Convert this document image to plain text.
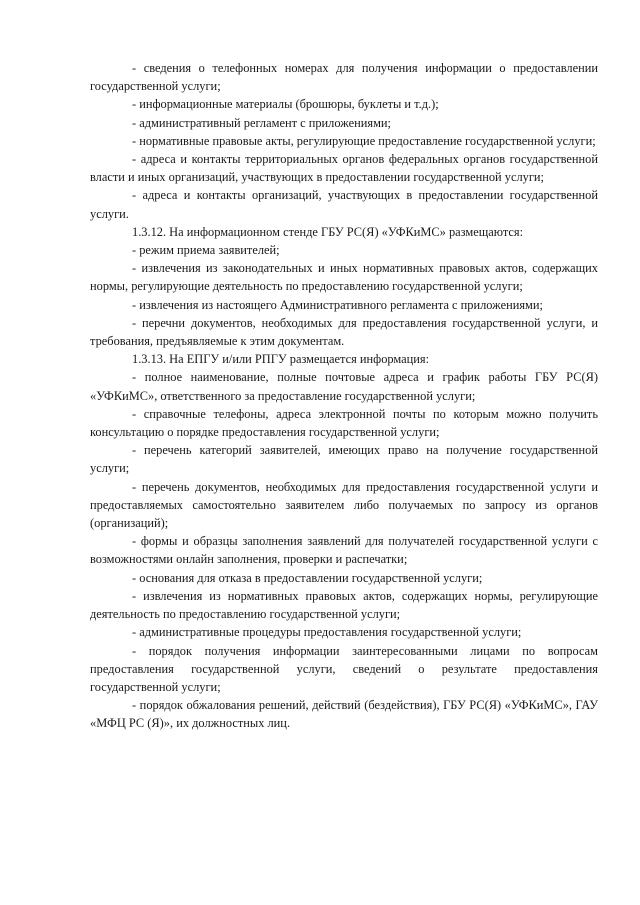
- сведения о телефонных номерах для получения информации о предоставлении государственной услуги;

- информационные материалы (брошюры, буклеты и т.д.);

- административный регламент с приложениями;

- нормативные правовые акты, регулирующие предоставление государственной услуги;

- адреса и контакты территориальных органов федеральных органов государственной власти и иных организаций, участвующих в предоставлении государственной услуги;

- адреса и контакты организаций, участвующих в предоставлении государственной услуги.

1.3.12. На информационном стенде ГБУ РС(Я) «УФКиМС» размещаются:

- режим приема заявителей;

- извлечения из законодательных и иных нормативных правовых актов, содержащих нормы, регулирующие деятельность по предоставлению государственной услуги;

- извлечения из настоящего Административного регламента с приложениями;

- перечни документов, необходимых для предоставления государственной услуги, и требования, предъявляемые к этим документам.

1.3.13. На ЕПГУ и/или РПГУ размещается информация:

- полное наименование, полные почтовые адреса и график работы ГБУ РС(Я) «УФКиМС», ответственного за предоставление государственной услуги;

- справочные телефоны, адреса электронной почты по которым можно получить консультацию о порядке предоставления государственной услуги;

- перечень категорий заявителей, имеющих право на получение государственной услуги;

- перечень документов, необходимых для предоставления государственной услуги и предоставляемых самостоятельно заявителем либо получаемых по запросу из органов (организаций);

- формы и образцы заполнения заявлений для получателей государственной услуги с возможностями онлайн заполнения, проверки и распечатки;

- основания для отказа в предоставлении государственной услуги;

- извлечения из нормативных правовых актов, содержащих нормы, регулирующие деятельность по предоставлению государственной услуги;

- административные процедуры предоставления государственной услуги;

- порядок получения информации заинтересованными лицами по вопросам предоставления государственной услуги, сведений о результате предоставления государственной услуги;

- порядок обжалования решений, действий (бездействия), ГБУ РС(Я) «УФКиМС», ГАУ «МФЦ РС (Я)», их должностных лиц.
